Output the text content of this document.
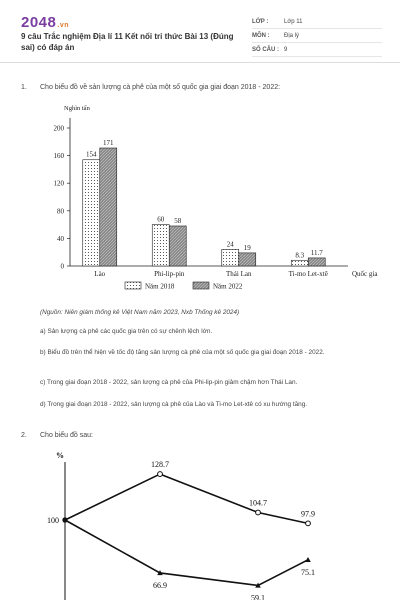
2048.vn
9 câu Trắc nghiệm Địa lí 11 Kết nối tri thức Bài 13 (Đúng sai) có đáp án
LỚP :	Lớp 11
MÔN :	Địa lý
SỐ CÂU : 9
1. Cho biểu đồ về sản lượng cà phê của một số quốc gia giai đoạn 2018 - 2022:
Nghìn tấn
0
40
80
120
160
200
154
171
Lào
60 58
Phi-lip-pin
24 19
Thái Lan
8.3 11.7
Ti-mo Let-xtê	Quốc gia
Năm 2018	Năm 2022
(Nguồn: Niên giám thống kê Việt Nam năm 2023, Nxb Thống kê 2024)
a) Sản lượng cà phê các quốc gia trên có sự chênh lệch lớn.
b) Biểu đồ trên thể hiện về tốc độ tăng sản lượng cà phê của một số quốc gia giai đoạn 2018 - 2022.
c) Trong giai đoạn 2018 - 2022, sản lượng cà phê của Phi-lip-pin giảm chậm hơn Thái Lan.
d) Trong giai đoạn 2018 - 2022, sản lượng cà phê của Lào và Ti-mo Let-xtê có xu hướng tăng.
2. Cho biểu đồ sau:
%
100
128.7
104.7
97.9
66.9
59.1
75.1
